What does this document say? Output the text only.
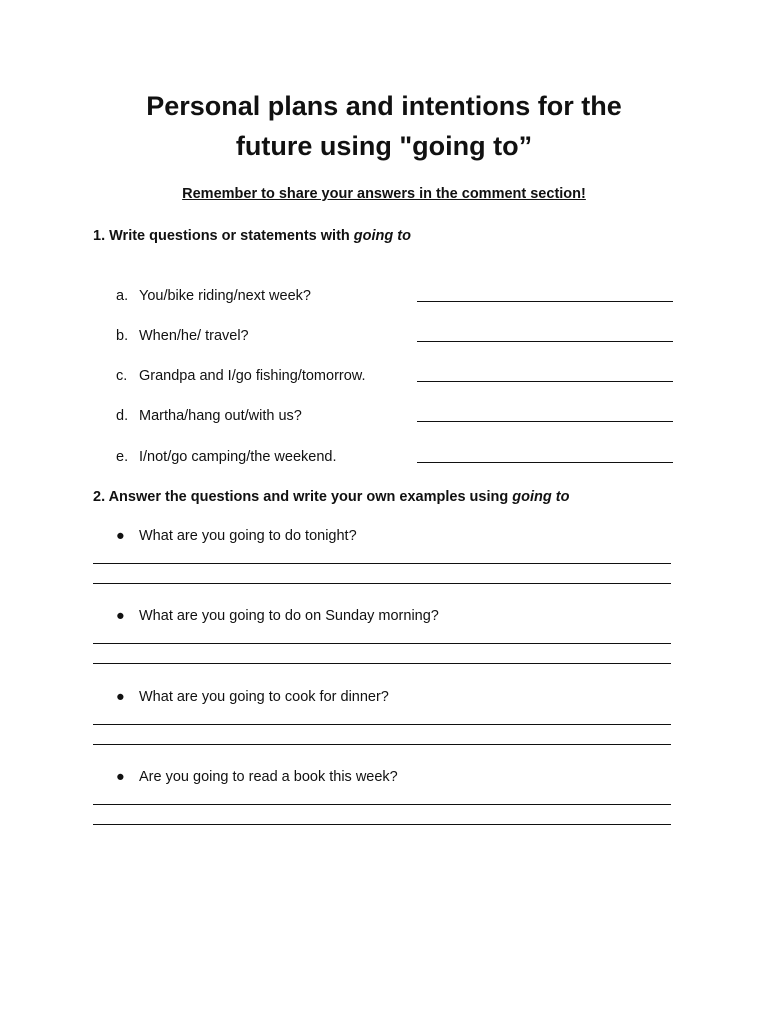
Personal plans and intentions for the
future using "going to”
Remember to share your answers in the comment section!
1. Write questions or statements with going to
a. You/bike riding/next week?
b. When/he/ travel?
c. Grandpa and I/go fishing/tomorrow.
d. Martha/hang out/with us?
e. I/not/go camping/the weekend.
2. Answer the questions and write your own examples using going to
● What are you going to do tonight?
● What are you going to do on Sunday morning?
● What are you going to cook for dinner?
● Are you going to read a book this week?
